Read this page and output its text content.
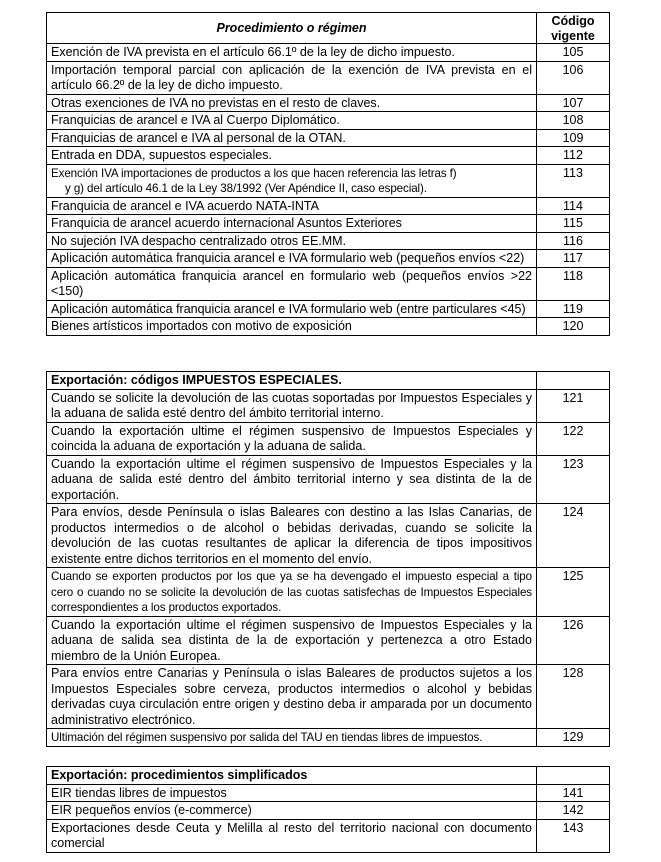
Procedimiento o régimen	Código vigente
Exención de IVA prevista en el artículo 66.1º de la ley de dicho impuesto.	105
Importación temporal parcial con aplicación de la exención de IVA prevista en el artículo 66.2º de la ley de dicho impuesto.	106
Otras exenciones de IVA no previstas en el resto de claves.	107
Franquicias de arancel e IVA al Cuerpo Diplomático.	108
Franquicias de arancel e IVA al personal de la OTAN.	109
Entrada en DDA, supuestos especiales.	112
Exención IVA importaciones de productos a los que hacen referencia las letras f)
y g) del artículo 46.1 de la Ley 38/1992 (Ver Apéndice II, caso especial).	113
Franquicia de arancel e IVA acuerdo NATA-INTA	114
Franquicia de arancel acuerdo internacional Asuntos Exteriores	115
No sujeción IVA despacho centralizado otros EE.MM.	116
Aplicación automática franquicia arancel e IVA formulario web (pequeños envíos <22)	117
Aplicación automática franquicia arancel en formulario web (pequeños envíos >22 <150)	118
Aplicación automática franquicia arancel e IVA formulario web (entre particulares <45)	119
Bienes artísticos importados con motivo de exposición	120
Exportación: códigos IMPUESTOS ESPECIALES.	
Cuando se solicite la devolución de las cuotas soportadas por Impuestos Especiales y la aduana de salida esté dentro del ámbito territorial interno.	121
Cuando la exportación ultime el régimen suspensivo de Impuestos Especiales y coincida la aduana de exportación y la aduana de salida.	122
Cuando la exportación ultime el régimen suspensivo de Impuestos Especiales y la aduana de salida esté dentro del ámbito territorial interno y sea distinta de la de exportación.	123
Para envíos, desde Península o islas Baleares con destino a las Islas Canarias, de productos intermedios o de alcohol o bebidas derivadas, cuando se solicite la devolución de las cuotas resultantes de aplicar la diferencia de tipos impositivos existente entre dichos territorios en el momento del envío.	124
Cuando se exporten productos por los que ya se ha devengado el impuesto especial a tipo cero o cuando no se solicite la devolución de las cuotas satisfechas de Impuestos Especiales correspondientes a los productos exportados.	125
Cuando la exportación ultime el régimen suspensivo de Impuestos Especiales y la aduana de salida sea distinta de la de exportación y pertenezca a otro Estado miembro de la Unión Europea.	126
Para envíos entre Canarias y Península o islas Baleares de productos sujetos a los Impuestos Especiales sobre cerveza, productos intermedios o alcohol y bebidas derivadas cuya circulación entre origen y destino deba ir amparada por un documento administrativo electrónico.	128
Ultimación del régimen suspensivo por salida del TAU en tiendas libres de impuestos.	129
Exportación: procedimientos simplificados	
EIR tiendas libres de impuestos	141
EIR pequeños envíos (e-commerce)	142
Exportaciones desde Ceuta y Melilla al resto del territorio nacional con documento comercial	143
